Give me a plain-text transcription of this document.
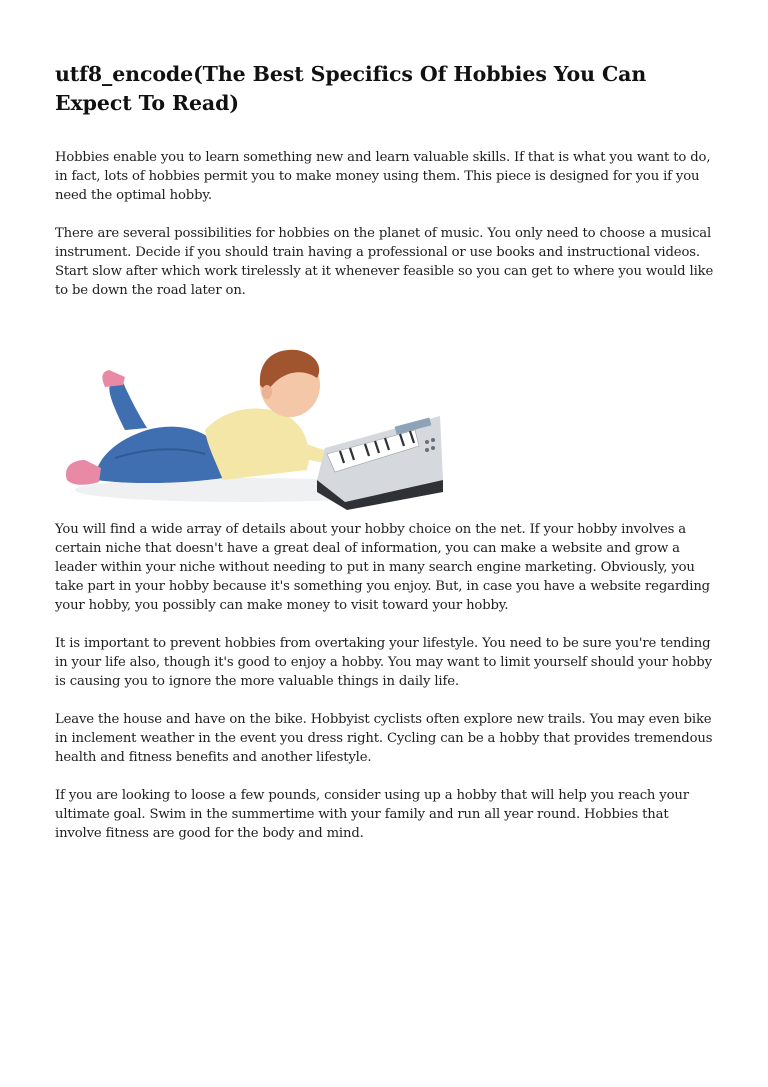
utf8_encode(The Best Specifics Of Hobbies You Can Expect To Read)

Hobbies enable you to learn something new and learn valuable skills. If that is what you want to do, in fact, lots of hobbies permit you to make money using them. This piece is designed for you if you need the optimal hobby.

There are several possibilities for hobbies on the planet of music. You only need to choose a musical instrument. Decide if you should train having a professional or use books and instructional videos. Start slow after which work tirelessly at it whenever feasible so you can get to where you would like to be down the road later on.

You will find a wide array of details about your hobby choice on the net. If your hobby involves a certain niche that doesn't have a great deal of information, you can make a website and grow a leader within your niche without needing to put in many search engine marketing. Obviously, you take part in your hobby because it's something you enjoy. But, in case you have a website regarding your hobby, you possibly can make money to visit toward your hobby.

It is important to prevent hobbies from overtaking your lifestyle. You need to be sure you're tending in your life also, though it's good to enjoy a hobby. You may want to limit yourself should your hobby is causing you to ignore the more valuable things in daily life.

Leave the house and have on the bike. Hobbyist cyclists often explore new trails. You may even bike in inclement weather in the event you dress right. Cycling can be a hobby that provides tremendous health and fitness benefits and another lifestyle.

If you are looking to loose a few pounds, consider using up a hobby that will help you reach your ultimate goal. Swim in the summertime with your family and run all year round. Hobbies that involve fitness are good for the body and mind.
